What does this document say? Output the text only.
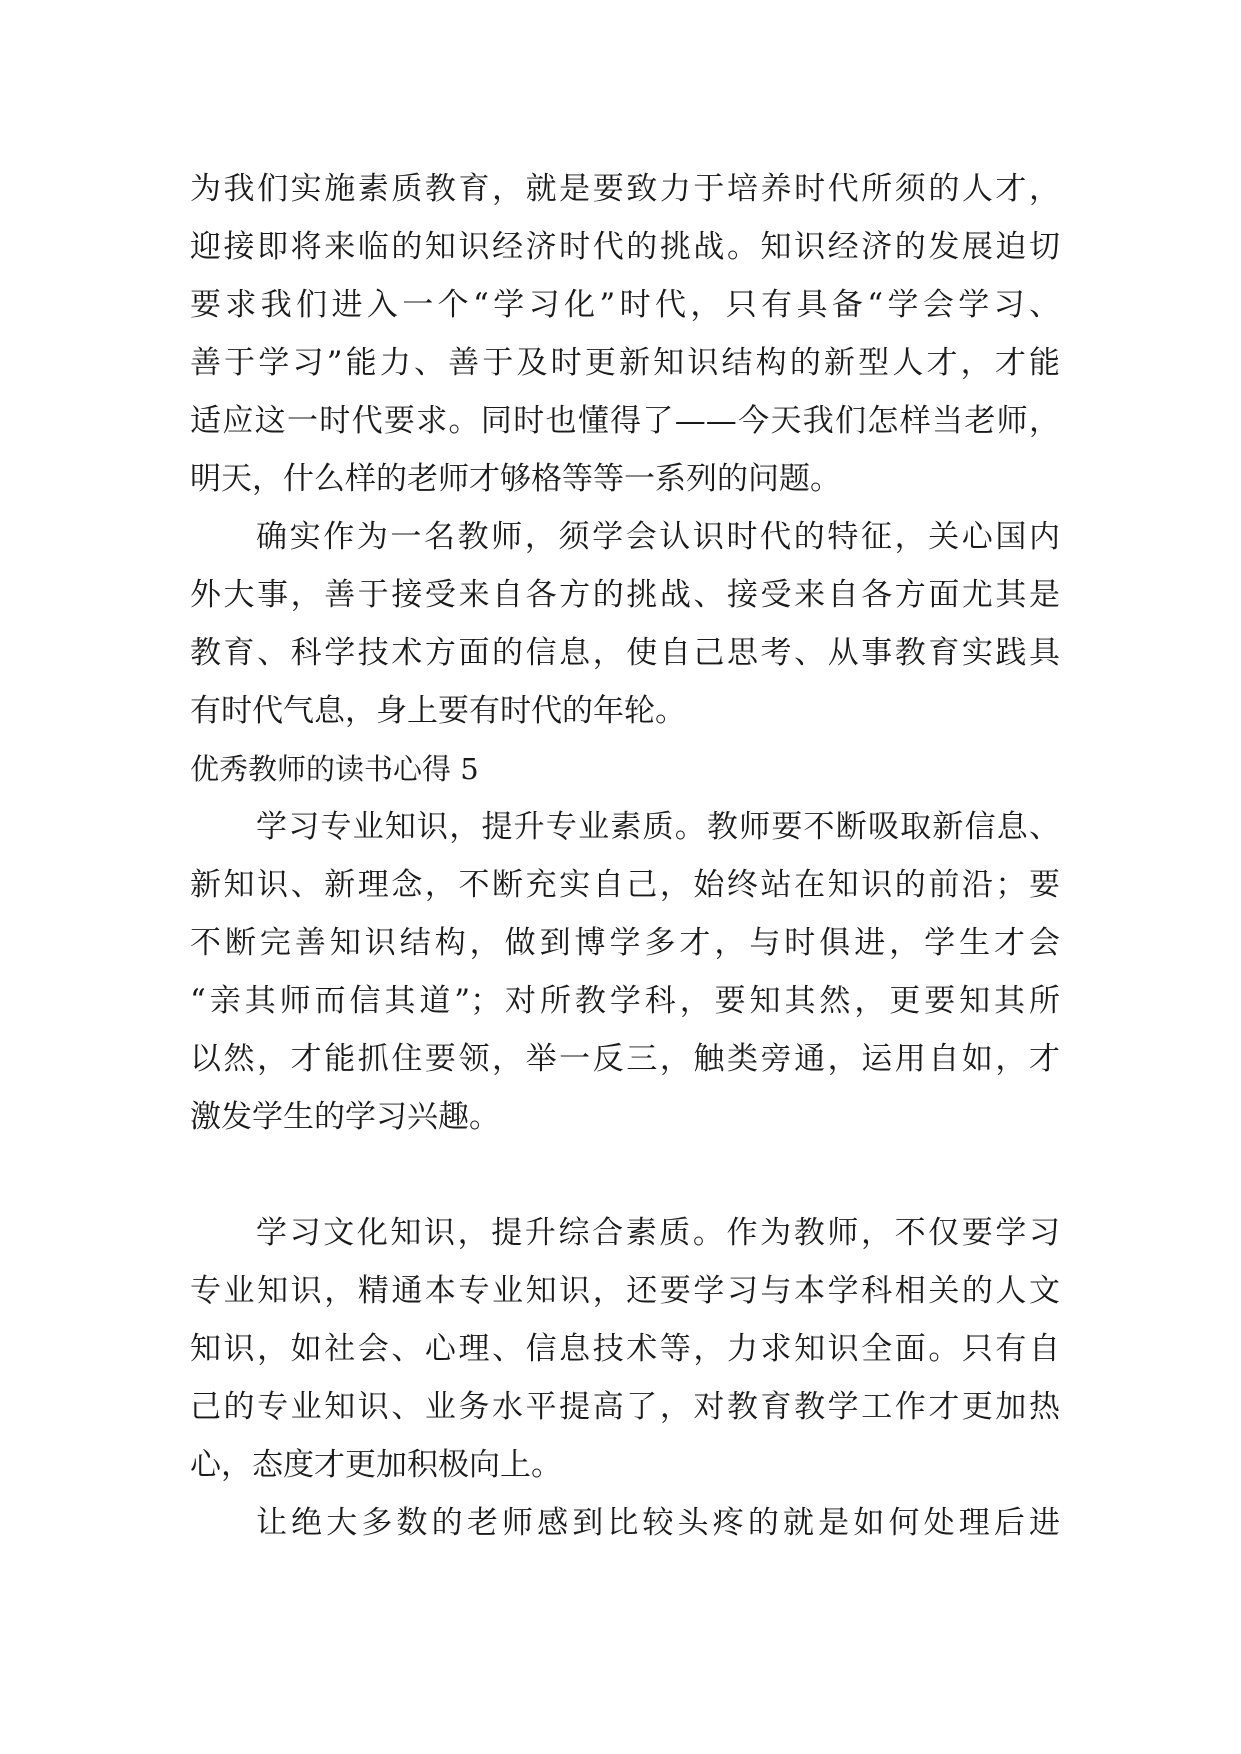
为我们实施素质教育，就是要致力于培养时代所须的人才，
迎接即将来临的知识经济时代的挑战。知识经济的发展迫切
要求我们进入一个“学习化”时代，只有具备“学会学习、
善于学习”能力、善于及时更新知识结构的新型人才，才能
适应这一时代要求。同时也懂得了——今天我们怎样当老师，
明天，什么样的老师才够格等等一系列的问题。
确实作为一名教师，须学会认识时代的特征，关心国内
外大事，善于接受来自各方的挑战、接受来自各方面尤其是
教育、科学技术方面的信息，使自己思考、从事教育实践具
有时代气息，身上要有时代的年轮。
优秀教师的读书心得 5
学习专业知识，提升专业素质。教师要不断吸取新信息、
新知识、新理念，不断充实自己，始终站在知识的前沿；要
不断完善知识结构，做到博学多才，与时俱进，学生才会
“亲其师而信其道”；对所教学科，要知其然，更要知其所
以然，才能抓住要领，举一反三，触类旁通，运用自如，才
激发学生的学习兴趣。
学习文化知识，提升综合素质。作为教师，不仅要学习
专业知识，精通本专业知识，还要学习与本学科相关的人文
知识，如社会、心理、信息技术等，力求知识全面。只有自
己的专业知识、业务水平提高了，对教育教学工作才更加热
心，态度才更加积极向上。
让绝大多数的老师感到比较头疼的就是如何处理后进
